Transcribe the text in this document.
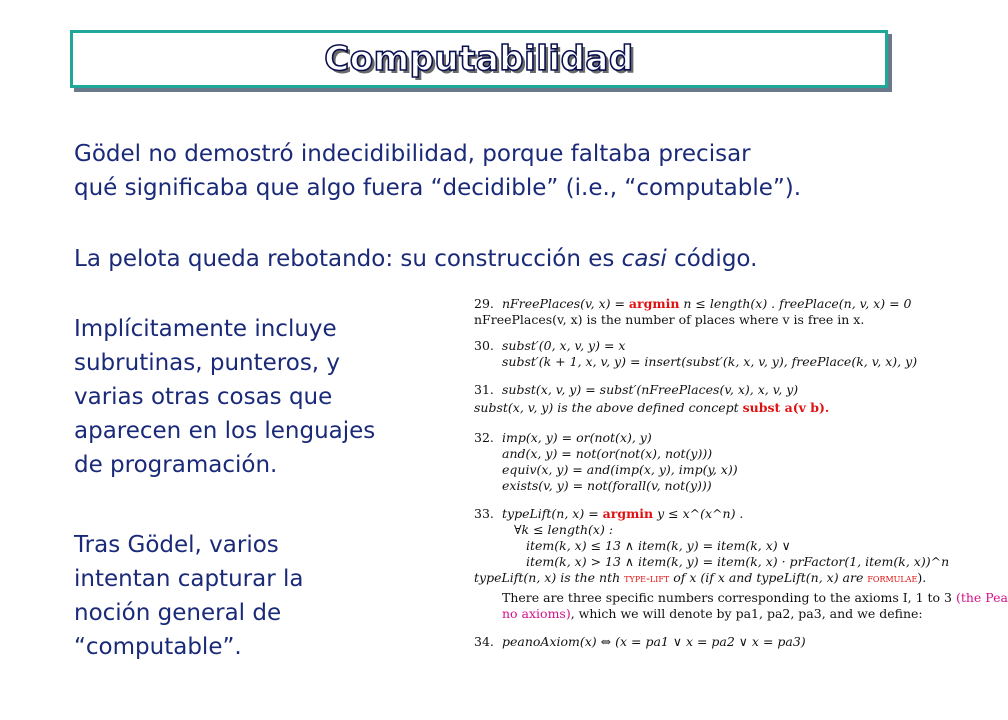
Computabilidad

Gödel no demostró indecidibilidad, porque faltaba precisar
qué significaba que algo fuera “decidible” (i.e., “computable”).

La pelota queda rebotando: su construcción es casi código.

Implícitamente incluye
subrutinas, punteros, y
varias otras cosas que
aparecen en los lenguajes
de programación.

Tras Gödel, varios
intentan capturar la
noción general de
“computable”.

29. nFreePlaces(v, x) = argmin n ≤ length(x) . freePlace(n, v, x) = 0
nFreePlaces(v, x) is the number of places where v is free in x.
30. subst′(0, x, v, y) = x
subst′(k + 1, x, v, y) = insert(subst′(k, x, v, y), freePlace(k, v, x), y)
31. subst(x, v, y) = subst′(nFreePlaces(v, x), x, v, y)
subst(x, v, y) is the above defined concept subst a(v b).
32. imp(x, y) = or(not(x), y)
and(x, y) = not(or(not(x), not(y)))
equiv(x, y) = and(imp(x, y), imp(y, x))
exists(v, y) = not(forall(v, not(y)))
33. typeLift(n, x) = argmin y ≤ x^(x^n) .
∀k ≤ length(x) :
item(k, x) ≤ 13 ∧ item(k, y) = item(k, x) ∨
item(k, x) > 13 ∧ item(k, y) = item(k, x) · prFactor(1, item(k, x))^n
typeLift(n, x) is the nth type-lift of x (if x and typeLift(n, x) are formulae).
There are three specific numbers corresponding to the axioms I, 1 to 3 (the Pea
no axioms), which we will denote by pa1, pa2, pa3, and we define:
34. peanoAxiom(x) ⇔ (x = pa1 ∨ x = pa2 ∨ x = pa3)
